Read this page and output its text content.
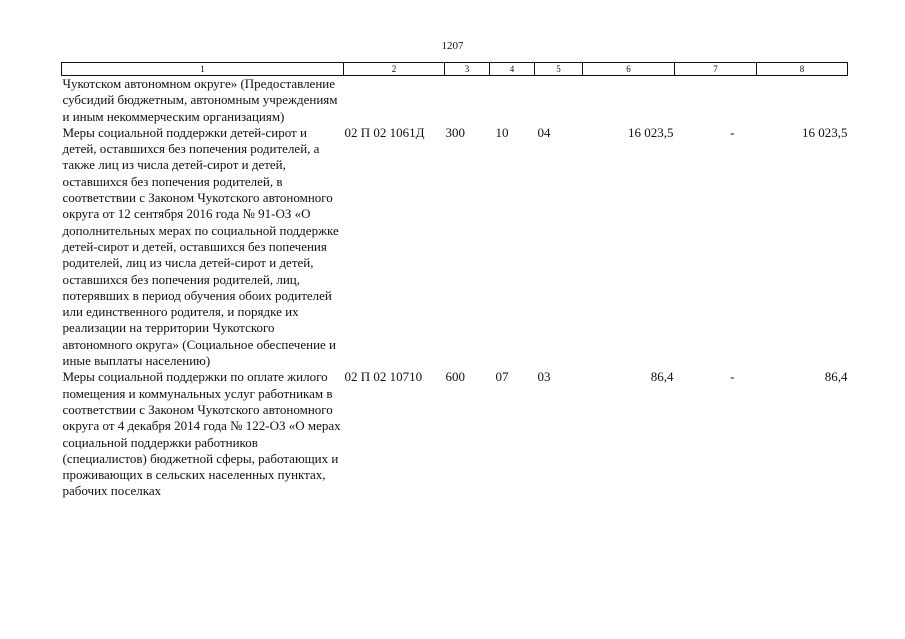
1207
1	2	3	4	5	6	7	8
Чукотском автономном округе» (Предоставление субсидий бюджетным, автономным учреждениям и иным некоммерческим организациям)							
Меры социальной поддержки детей-сирот и детей, оставшихся без попечения родителей, а также лиц из числа детей-сирот и детей, оставшихся без попечения родителей, в соответствии с Законом Чукотского автономного округа от 12 сентября 2016 года № 91-ОЗ «О дополнительных мерах по социальной поддержке детей-сирот и детей, оставшихся без попечения родителей, лиц из числа детей-сирот и детей, оставшихся без попечения родителей, лиц, потерявших в период обучения обоих родителей или единственного родителя, и порядке их реализации на территории Чукотского автономного округа» (Социальное обеспечение и иные выплаты населению)	02 П 02 1061Д	300	10	04	16 023,5	-	16 023,5
Меры социальной поддержки по оплате жилого помещения и коммунальных услуг работникам в соответствии с Законом Чукотского автономного округа от 4 декабря 2014 года № 122-ОЗ «О мерах социальной поддержки работников (специалистов) бюджетной сферы, работающих и проживающих в сельских населенных пунктах, рабочих поселках	02 П 02 10710	600	07	03	86,4	-	86,4
